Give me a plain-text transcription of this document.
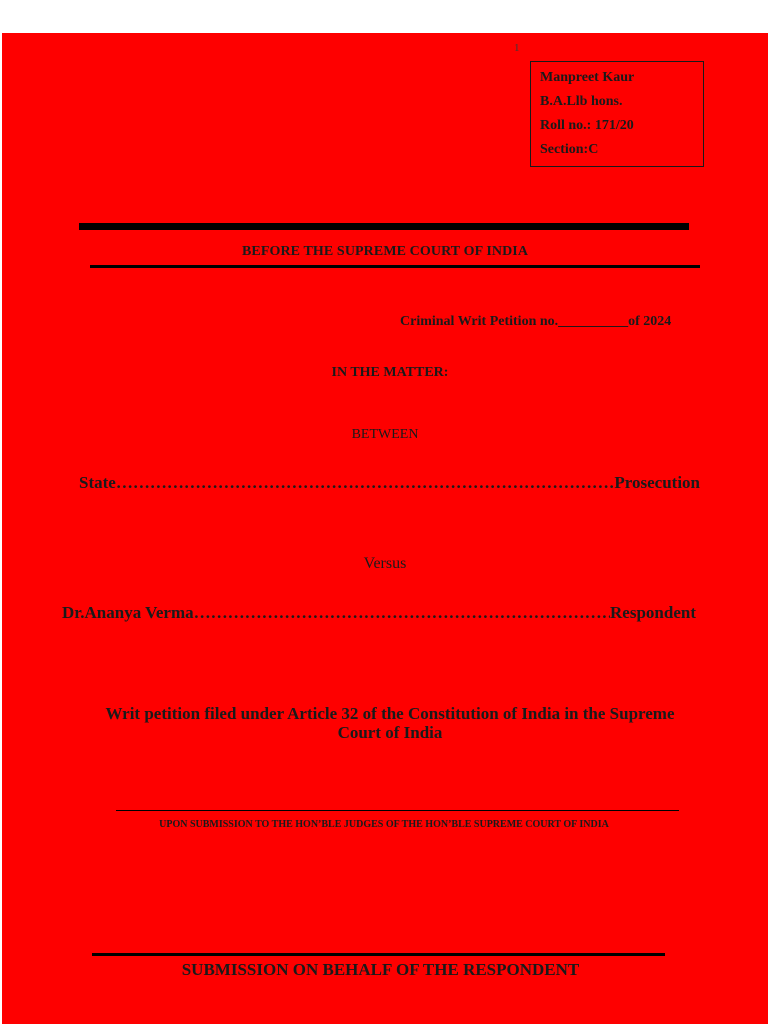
1
Manpreet Kaur
B.A.Llb hons.
Roll no.: 171/20
Section:C
BEFORE THE SUPREME COURT OF INDIA
Criminal Writ Petition no.__________of 2024
IN THE MATTER:
BETWEEN
State …………………………………………………………………………………………………………………………	Prosecution
Versus
Dr.Ananya Verma …………………………………………………………………………………………………………………………	Respondent
Writ petition filed under Article 32 of the Constitution of India in the Supreme
Court of India
UPON SUBMISSION TO THE HON’BLE JUDGES OF THE HON’BLE SUPREME COURT OF INDIA
SUBMISSION ON BEHALF OF THE RESPONDENT
